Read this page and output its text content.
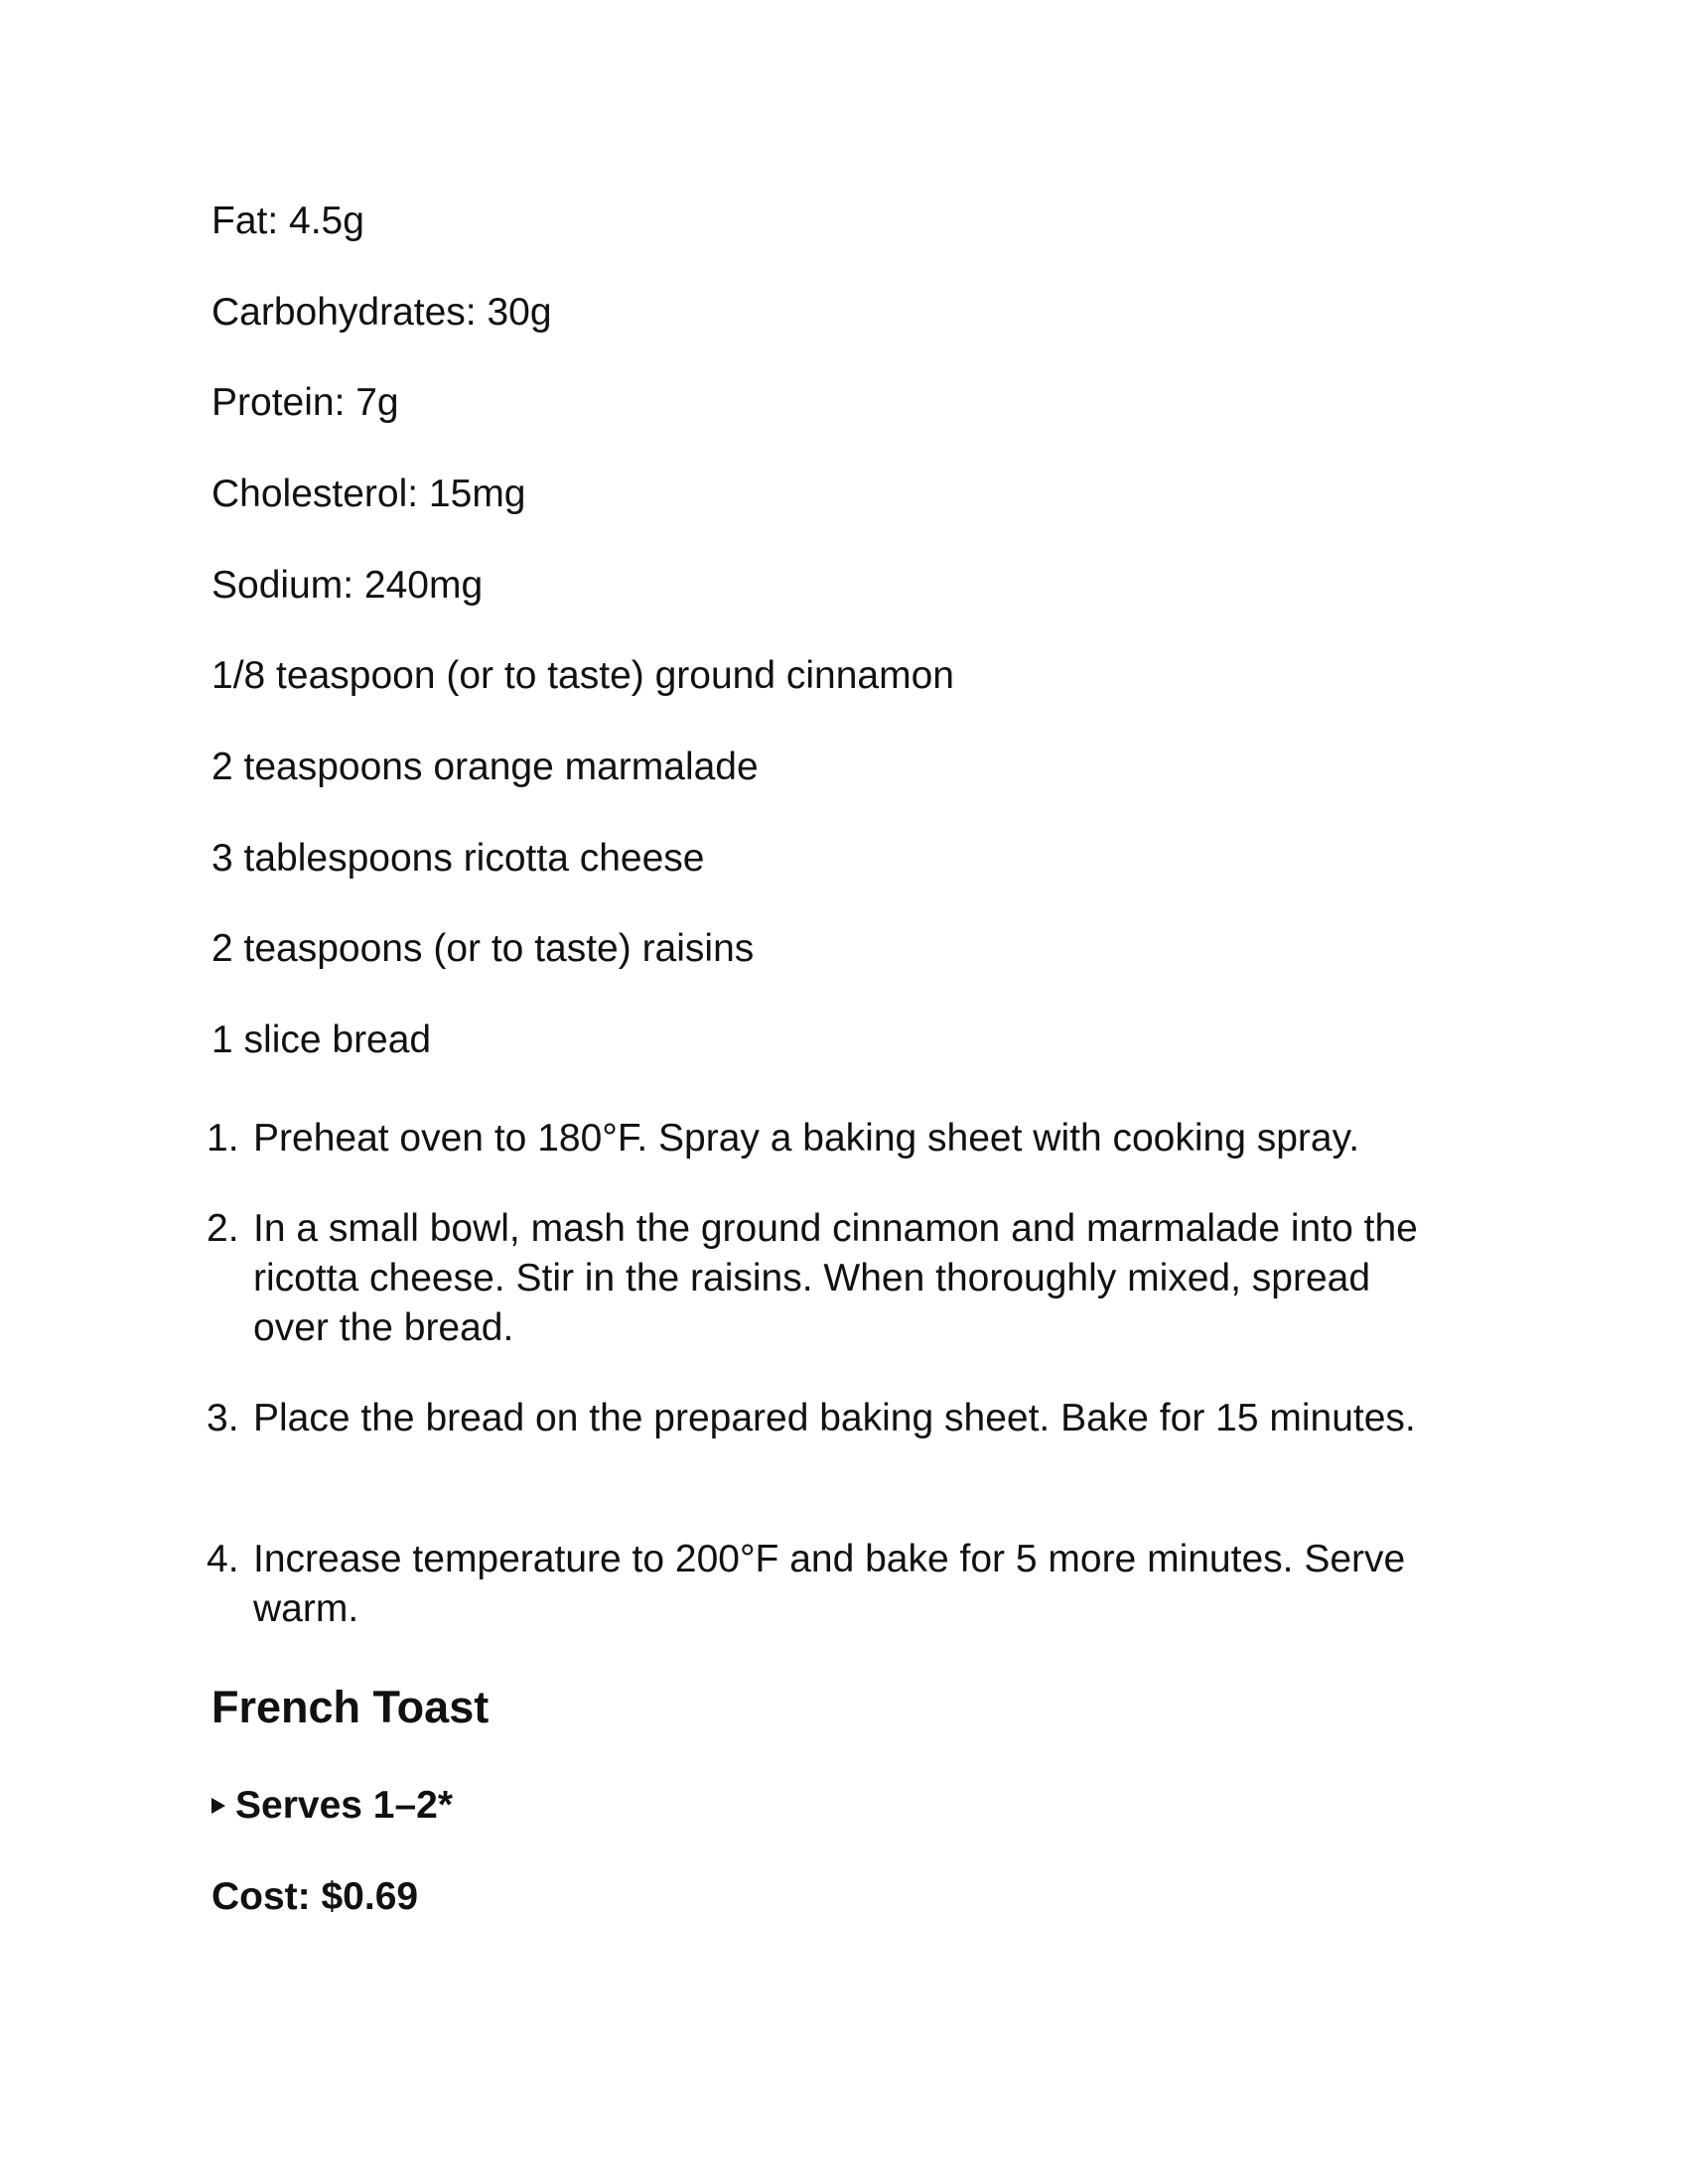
Fat: 4.5g
Carbohydrates: 30g
Protein: 7g
Cholesterol: 15mg
Sodium: 240mg
1/8 teaspoon (or to taste) ground cinnamon
2 teaspoons orange marmalade
3 tablespoons ricotta cheese
2 teaspoons (or to taste) raisins
1 slice bread
1. Preheat oven to 180°F. Spray a baking sheet with cooking spray.
2. In a small bowl, mash the ground cinnamon and marmalade into the ricotta cheese. Stir in the raisins. When thoroughly mixed, spread over the bread.
3. Place the bread on the prepared baking sheet. Bake for 15 minutes.
4. Increase temperature to 200°F and bake for 5 more minutes. Serve warm.
French Toast
Serves 1–2*
Cost: $0.69
